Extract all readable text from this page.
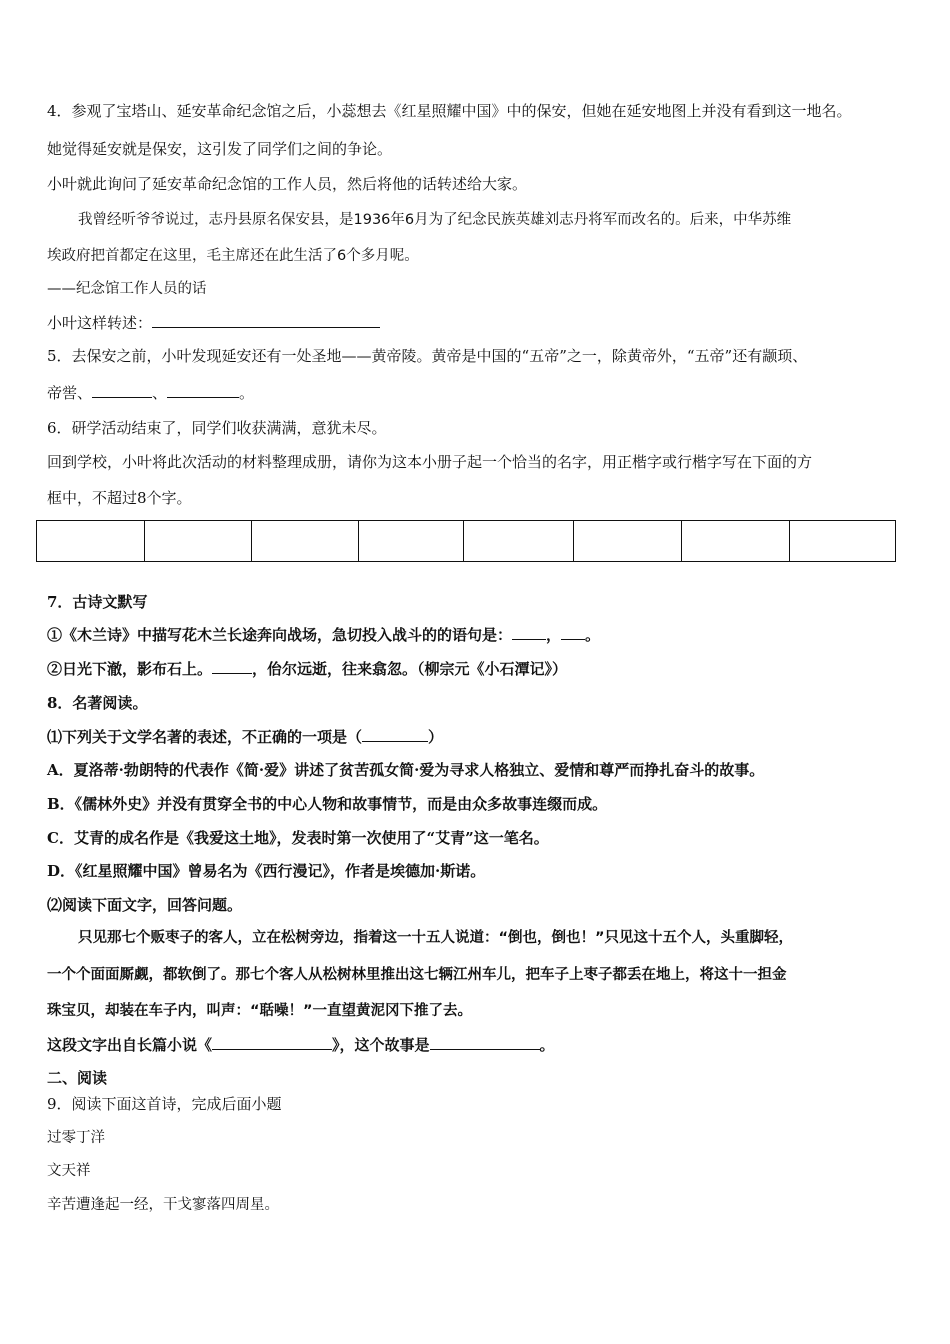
4．参观了宝塔山、延安革命纪念馆之后，小蕊想去《红星照耀中国》中的保安，但她在延安地图上并没有看到这一地名。
她觉得延安就是保安，这引发了同学们之间的争论。
小叶就此询问了延安革命纪念馆的工作人员，然后将他的话转述给大家。
我曾经听爷爷说过，志丹县原名保安县，是1936年6月为了纪念民族英雄刘志丹将军而改名的。后来，中华苏维
埃政府把首都定在这里，毛主席还在此生活了6个多月呢。
——纪念馆工作人员的话
小叶这样转述：
5．去保安之前，小叶发现延安还有一处圣地——黄帝陵。黄帝是中国的“五帝”之一，除黄帝外，“五帝”还有颛顼、
帝喾、	、	。
6．研学活动结束了，同学们收获满满，意犹未尽。
回到学校，小叶将此次活动的材料整理成册，请你为这本小册子起一个恰当的名字，用正楷字或行楷字写在下面的方
框中，不超过8个字。
7．古诗文默写
①《木兰诗》中描写花木兰长途奔向战场，急切投入战斗的的语句是： ， 。
②日光下澈，影布石上。	，佁尔远逝，往来翕忽。（柳宗元《小石潭记》）
8．名著阅读。
⑴下列关于文学名著的表述，不正确的一项是（	）
A．夏洛蒂·勃朗特的代表作《简·爱》讲述了贫苦孤女简·爱为寻求人格独立、爱情和尊严而挣扎奋斗的故事。
B．《儒林外史》并没有贯穿全书的中心人物和故事情节，而是由众多故事连缀而成。
C．艾青的成名作是《我爱这土地》，发表时第一次使用了“艾青”这一笔名。
D．《红星照耀中国》曾易名为《西行漫记》，作者是埃德加·斯诺。
⑵阅读下面文字，回答问题。
只见那七个贩枣子的客人，立在松树旁边，指着这一十五人说道：“倒也，倒也！”只见这十五个人，头重脚轻，
一个个面面厮觑，都软倒了。那七个客人从松树林里推出这七辆江州车儿，把车子上枣子都丢在地上，将这十一担金
珠宝贝，却装在车子内，叫声：“聒噪！”一直望黄泥冈下推了去。
这段文字出自长篇小说《	》，这个故事是	。
二、阅读
9．阅读下面这首诗，完成后面小题
过零丁洋
文天祥
辛苦遭逢起一经，干戈寥落四周星。
